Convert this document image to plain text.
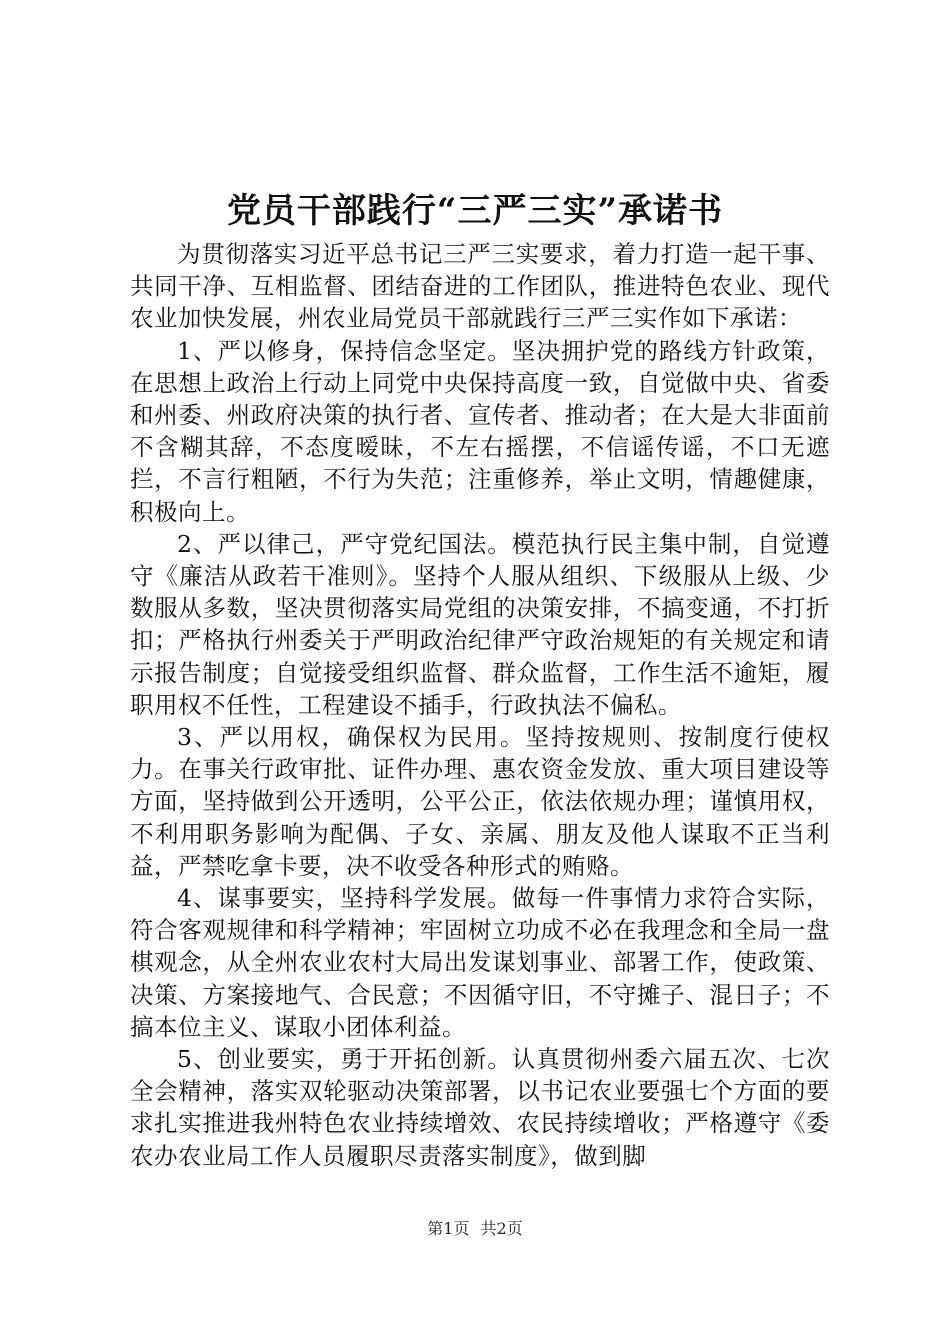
党员干部践行“三严三实”承诺书

为贯彻落实习近平总书记三严三实要求，着力打造一起干事、共同干净、互相监督、团结奋进的工作团队，推进特色农业、现代农业加快发展，州农业局党员干部就践行三严三实作如下承诺：

1、严以修身，保持信念坚定。坚决拥护党的路线方针政策，在思想上政治上行动上同党中央保持高度一致，自觉做中央、省委和州委、州政府决策的执行者、宣传者、推动者；在大是大非面前不含糊其辞，不态度暧昧，不左右摇摆，不信谣传谣，不口无遮拦，不言行粗陋，不行为失范；注重修养，举止文明，情趣健康，积极向上。

2、严以律己，严守党纪国法。模范执行民主集中制，自觉遵守《廉洁从政若干准则》。坚持个人服从组织、下级服从上级、少数服从多数，坚决贯彻落实局党组的决策安排，不搞变通，不打折扣；严格执行州委关于严明政治纪律严守政治规矩的有关规定和请示报告制度；自觉接受组织监督、群众监督，工作生活不逾矩，履职用权不任性，工程建设不插手，行政执法不偏私。

3、严以用权，确保权为民用。坚持按规则、按制度行使权力。在事关行政审批、证件办理、惠农资金发放、重大项目建设等方面，坚持做到公开透明，公平公正，依法依规办理；谨慎用权，不利用职务影响为配偶、子女、亲属、朋友及他人谋取不正当利益，严禁吃拿卡要，决不收受各种形式的贿赂。

4、谋事要实，坚持科学发展。做每一件事情力求符合实际，符合客观规律和科学精神；牢固树立功成不必在我理念和全局一盘棋观念，从全州农业农村大局出发谋划事业、部署工作，使政策、决策、方案接地气、合民意；不因循守旧，不守摊子、混日子；不搞本位主义、谋取小团体利益。

5、创业要实，勇于开拓创新。认真贯彻州委六届五次、七次全会精神，落实双轮驱动决策部署，以书记农业要强七个方面的要求扎实推进我州特色农业持续增效、农民持续增收；严格遵守《委农办农业局工作人员履职尽责落实制度》，做到脚

第1页 共2页
